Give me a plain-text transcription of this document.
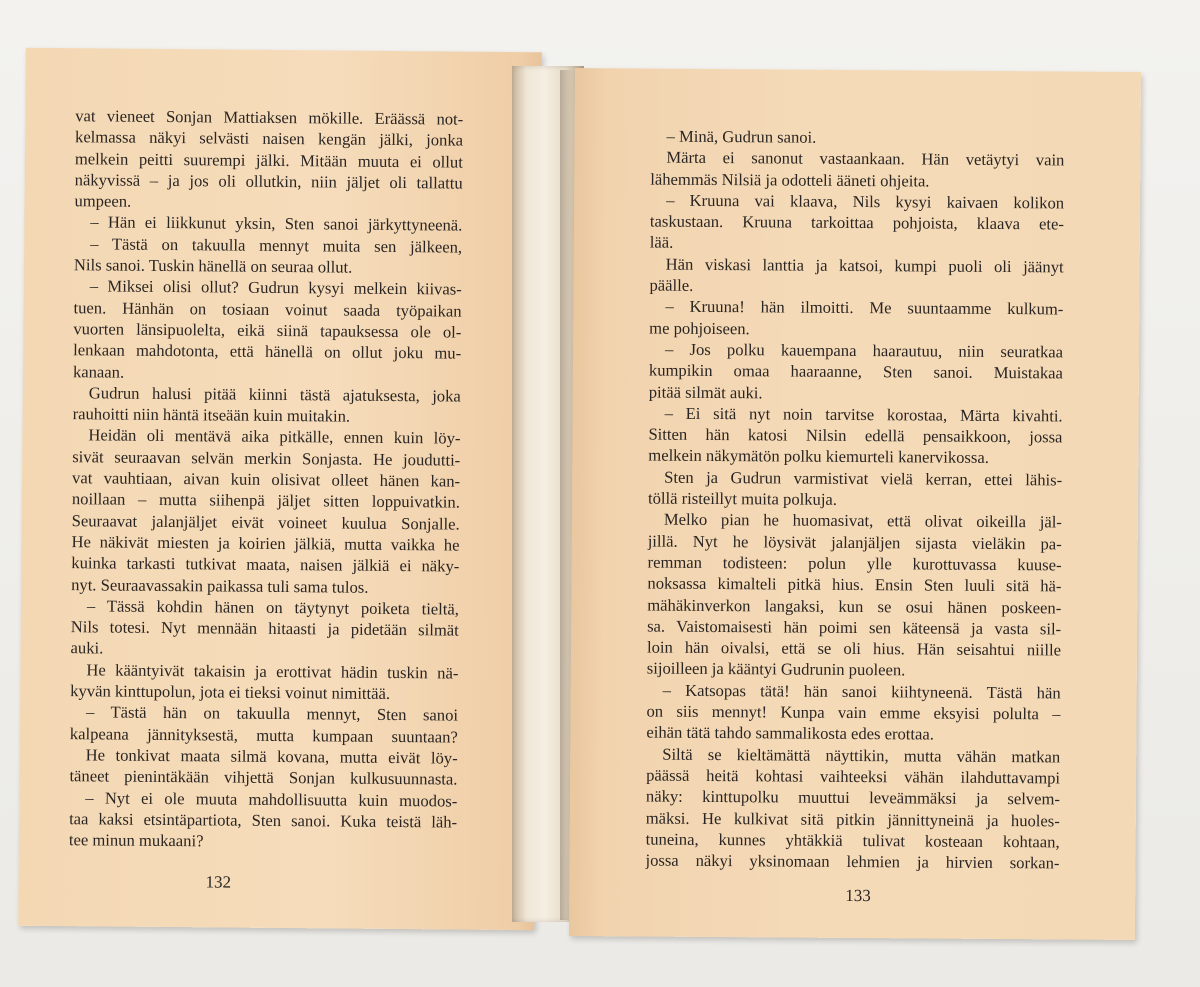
vat vieneet Sonjan Mattiaksen mökille. Eräässä not-
kelmassa näkyi selvästi naisen kengän jälki, jonka
melkein peitti suurempi jälki. Mitään muuta ei ollut
näkyvissä – ja jos oli ollutkin, niin jäljet oli tallattu
umpeen.
– Hän ei liikkunut yksin, Sten sanoi järkyttyneenä.
– Tästä on takuulla mennyt muita sen jälkeen,
Nils sanoi. Tuskin hänellä on seuraa ollut.
– Miksei olisi ollut? Gudrun kysyi melkein kiivas-
tuen. Hänhän on tosiaan voinut saada työpaikan
vuorten länsipuolelta, eikä siinä tapauksessa ole ol-
lenkaan mahdotonta, että hänellä on ollut joku mu-
kanaan.
Gudrun halusi pitää kiinni tästä ajatuksesta, joka
rauhoitti niin häntä itseään kuin muitakin.
Heidän oli mentävä aika pitkälle, ennen kuin löy-
sivät seuraavan selvän merkin Sonjasta. He joudutti-
vat vauhtiaan, aivan kuin olisivat olleet hänen kan-
noillaan – mutta siihenpä jäljet sitten loppuivatkin.
Seuraavat jalanjäljet eivät voineet kuulua Sonjalle.
He näkivät miesten ja koirien jälkiä, mutta vaikka he
kuinka tarkasti tutkivat maata, naisen jälkiä ei näky-
nyt. Seuraavassakin paikassa tuli sama tulos.
– Tässä kohdin hänen on täytynyt poiketa tieltä,
Nils totesi. Nyt mennään hitaasti ja pidetään silmät
auki.
He kääntyivät takaisin ja erottivat hädin tuskin nä-
kyvän kinttupolun, jota ei tieksi voinut nimittää.
– Tästä hän on takuulla mennyt, Sten sanoi
kalpeana jännityksestä, mutta kumpaan suuntaan?
He tonkivat maata silmä kovana, mutta eivät löy-
täneet pienintäkään vihjettä Sonjan kulkusuunnasta.
– Nyt ei ole muuta mahdollisuutta kuin muodos-
taa kaksi etsintäpartiota, Sten sanoi. Kuka teistä läh-
tee minun mukaani?
132
– Minä, Gudrun sanoi.
Märta ei sanonut vastaankaan. Hän vetäytyi vain
lähemmäs Nilsiä ja odotteli ääneti ohjeita.
– Kruuna vai klaava, Nils kysyi kaivaen kolikon
taskustaan. Kruuna tarkoittaa pohjoista, klaava ete-
lää.
Hän viskasi lanttia ja katsoi, kumpi puoli oli jäänyt
päälle.
– Kruuna! hän ilmoitti. Me suuntaamme kulkum-
me pohjoiseen.
– Jos polku kauempana haarautuu, niin seuratkaa
kumpikin omaa haaraanne, Sten sanoi. Muistakaa
pitää silmät auki.
– Ei sitä nyt noin tarvitse korostaa, Märta kivahti.
Sitten hän katosi Nilsin edellä pensaikkoon, jossa
melkein näkymätön polku kiemurteli kanervikossa.
Sten ja Gudrun varmistivat vielä kerran, ettei lähis-
töllä risteillyt muita polkuja.
Melko pian he huomasivat, että olivat oikeilla jäl-
jillä. Nyt he löysivät jalanjäljen sijasta vieläkin pa-
remman todisteen: polun ylle kurottuvassa kuuse-
noksassa kimalteli pitkä hius. Ensin Sten luuli sitä hä-
mähäkinverkon langaksi, kun se osui hänen poskeen-
sa. Vaistomaisesti hän poimi sen käteensä ja vasta sil-
loin hän oivalsi, että se oli hius. Hän seisahtui niille
sijoilleen ja kääntyi Gudrunin puoleen.
– Katsopas tätä! hän sanoi kiihtyneenä. Tästä hän
on siis mennyt! Kunpa vain emme eksyisi polulta –
eihän tätä tahdo sammalikosta edes erottaa.
Siltä se kieltämättä näyttikin, mutta vähän matkan
päässä heitä kohtasi vaihteeksi vähän ilahduttavampi
näky: kinttupolku muuttui leveämmäksi ja selvem-
mäksi. He kulkivat sitä pitkin jännittyneinä ja huoles-
tuneina, kunnes yhtäkkiä tulivat kosteaan kohtaan,
jossa näkyi yksinomaan lehmien ja hirvien sorkan-
133
